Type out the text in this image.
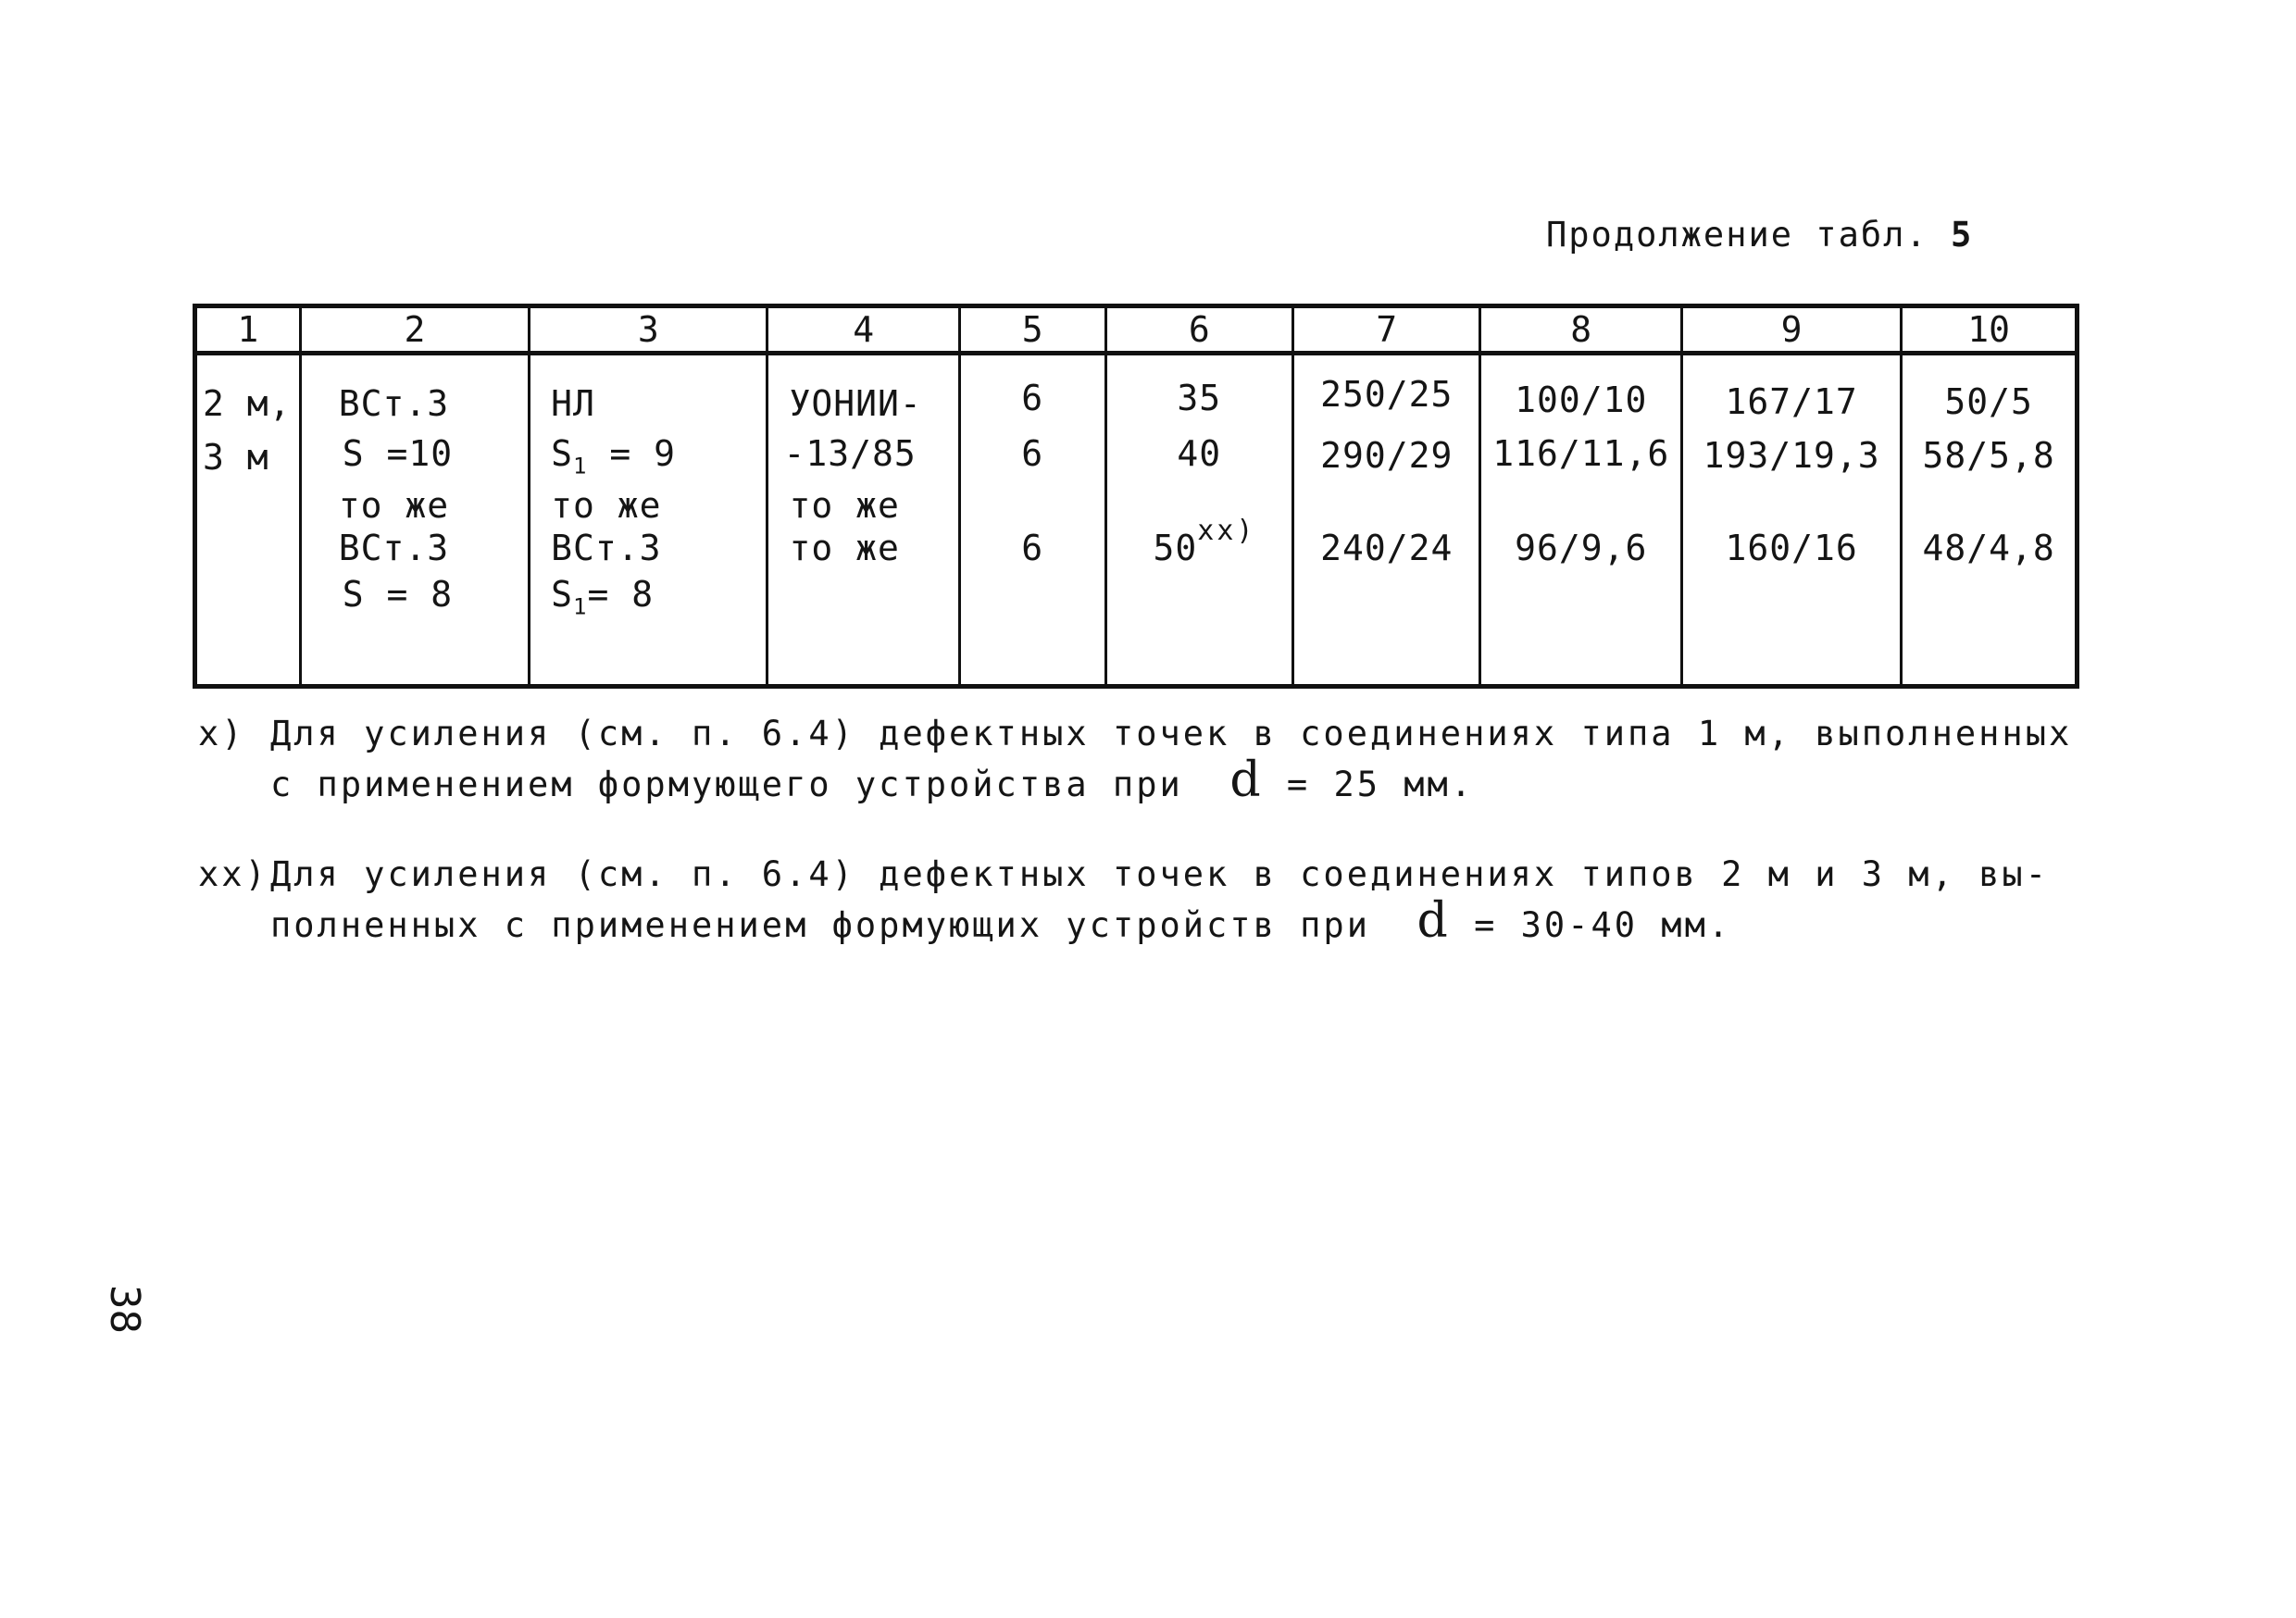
Продолжение табл. 5
1	2	3	4	5	6	7	8	9	10

2 м,
3 м	ВСт.3
S =10
то же
ВСт.3
S = 8	НЛ
$S_1 = 9$
то же
ВСт.3
$S_1= 8$	УОНИИ-
-13/85
то же
то же	6
6
6	35
40
50$^{xx)}$	250/25
290/29
240/24	100/10
116/11,6
96/9,6	167/17
193/19,3
160/16	50/5
58/5,8
48/4,8
x) Для усиления (см. п. 6.4) дефектных точек в соединениях типа 1 м, выполненных
с применением формующего устройства при d = 25 мм.
xx)Для усиления (см. п. 6.4) дефектных точек в соединениях типов 2 м и 3 м, вы-
полненных с применением формующих устройств при d = 30-40 мм.
38
